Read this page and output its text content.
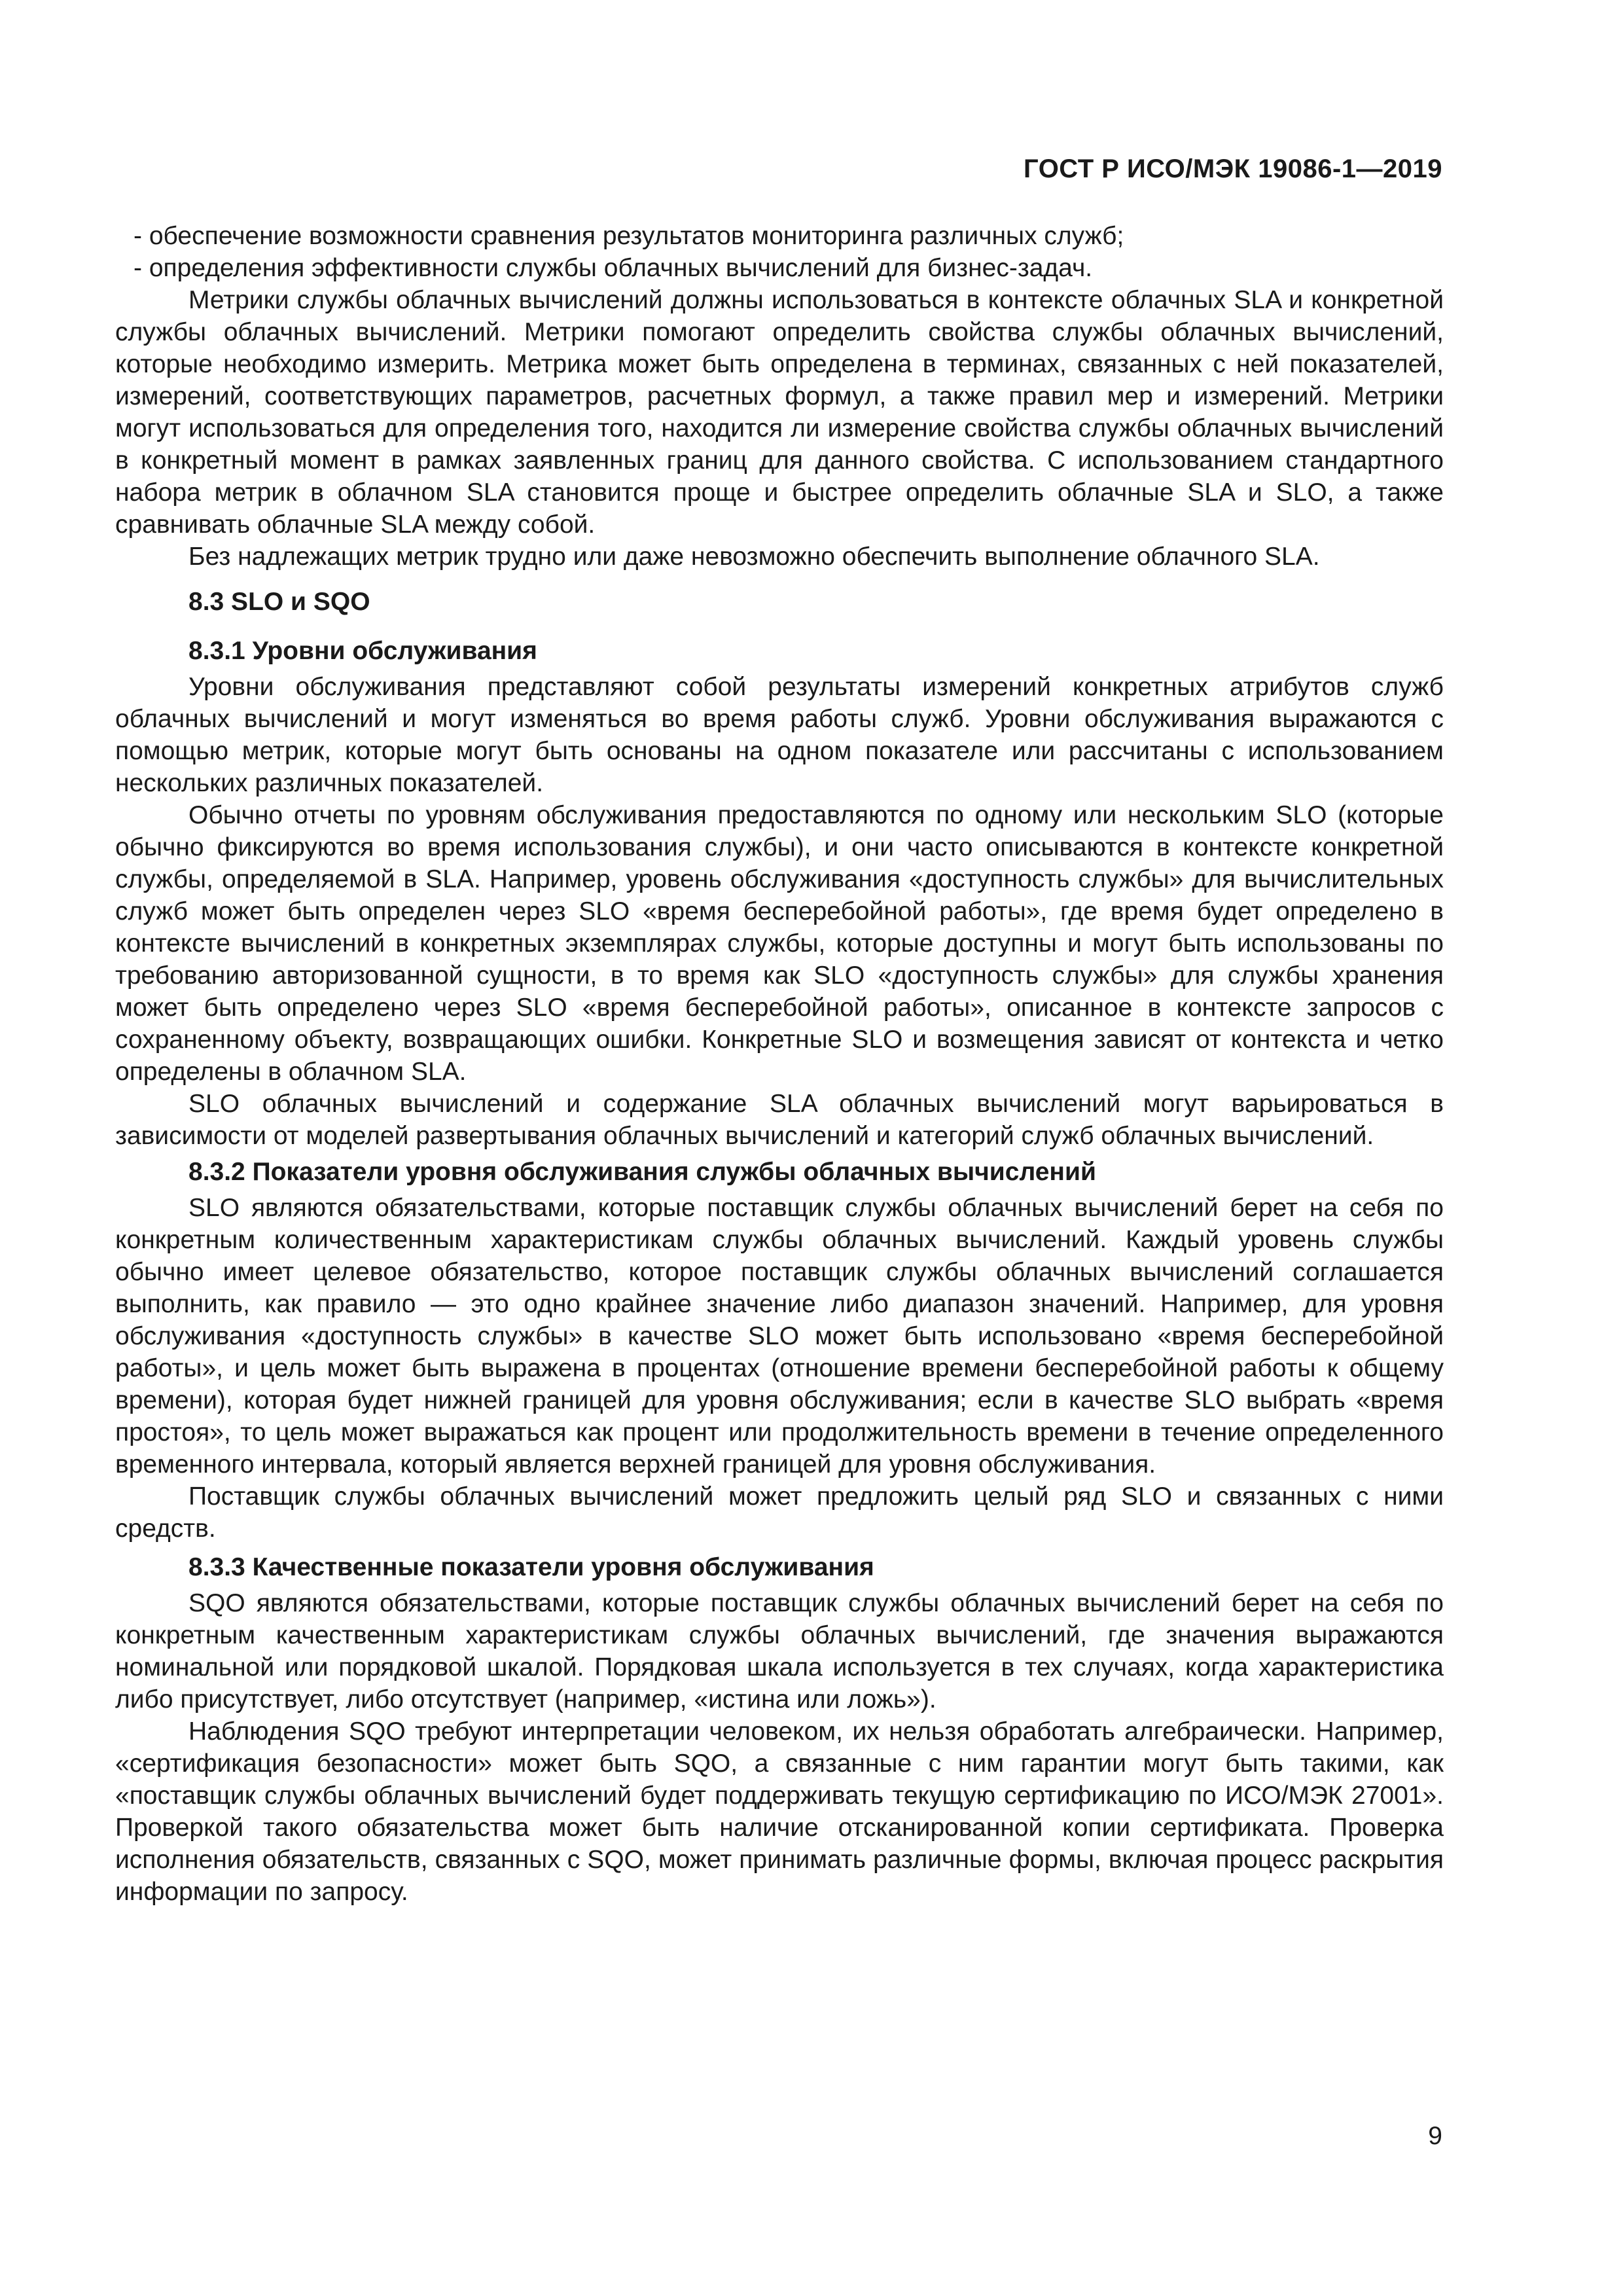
ГОСТ Р ИСО/МЭК 19086-1—2019

- обеспечение возможности сравнения результатов мониторинга различных служб;

- определения эффективности службы облачных вычислений для бизнес-задач.

Метрики службы облачных вычислений должны использоваться в контексте облачных SLA и конкретной службы облачных вычислений. Метрики помогают определить свойства службы облачных вычислений, которые необходимо измерить. Метрика может быть определена в терминах, связанных с ней показателей, измерений, соответствующих параметров, расчетных формул, а также правил мер и измерений. Метрики могут использоваться для определения того, находится ли измерение свойства службы облачных вычислений в конкретный момент в рамках заявленных границ для данного свойства. С использованием стандартного набора метрик в облачном SLA становится проще и быстрее определить облачные SLA и SLO, а также сравнивать облачные SLA между собой.

Без надлежащих метрик трудно или даже невозможно обеспечить выполнение облачного SLA.

8.3 SLO и SQO
8.3.1 Уровни обслуживания

Уровни обслуживания представляют собой результаты измерений конкретных атрибутов служб облачных вычислений и могут изменяться во время работы служб. Уровни обслуживания выражаются с помощью метрик, которые могут быть основаны на одном показателе или рассчитаны с использованием нескольких различных показателей.

Обычно отчеты по уровням обслуживания предоставляются по одному или нескольким SLO (которые обычно фиксируются во время использования службы), и они часто описываются в контексте конкретной службы, определяемой в SLA. Например, уровень обслуживания «доступность службы» для вычислительных служб может быть определен через SLO «время бесперебойной работы», где время будет определено в контексте вычислений в конкретных экземплярах службы, которые доступны и могут быть использованы по требованию авторизованной сущности, в то время как SLO «доступность службы» для службы хранения может быть определено через SLO «время бесперебойной работы», описанное в контексте запросов с сохраненному объекту, возвращающих ошибки. Конкретные SLO и возмещения зависят от контекста и четко определены в облачном SLA.

SLO облачных вычислений и содержание SLA облачных вычислений могут варьироваться в зависимости от моделей развертывания облачных вычислений и категорий служб облачных вычислений.

8.3.2 Показатели уровня обслуживания службы облачных вычислений

SLO являются обязательствами, которые поставщик службы облачных вычислений берет на себя по конкретным количественным характеристикам службы облачных вычислений. Каждый уровень службы обычно имеет целевое обязательство, которое поставщик службы облачных вычислений соглашается выполнить, как правило — это одно крайнее значение либо диапазон значений. Например, для уровня обслуживания «доступность службы» в качестве SLO может быть использовано «время бесперебойной работы», и цель может быть выражена в процентах (отношение времени бесперебойной работы к общему времени), которая будет нижней границей для уровня обслуживания; если в качестве SLO выбрать «время простоя», то цель может выражаться как процент или продолжительность времени в течение определенного временного интервала, который является верхней границей для уровня обслуживания.

Поставщик службы облачных вычислений может предложить целый ряд SLO и связанных с ними средств.

8.3.3 Качественные показатели уровня обслуживания

SQO являются обязательствами, которые поставщик службы облачных вычислений берет на себя по конкретным качественным характеристикам службы облачных вычислений, где значения выражаются номинальной или порядковой шкалой. Порядковая шкала используется в тех случаях, когда характеристика либо присутствует, либо отсутствует (например, «истина или ложь»).

Наблюдения SQO требуют интерпретации человеком, их нельзя обработать алгебраически. Например, «сертификация безопасности» может быть SQO, а связанные с ним гарантии могут быть такими, как «поставщик службы облачных вычислений будет поддерживать текущую сертификацию по ИСО/МЭК 27001». Проверкой такого обязательства может быть наличие отсканированной копии сертификата. Проверка исполнения обязательств, связанных с SQO, может принимать различные формы, включая процесс раскрытия информации по запросу.

9
